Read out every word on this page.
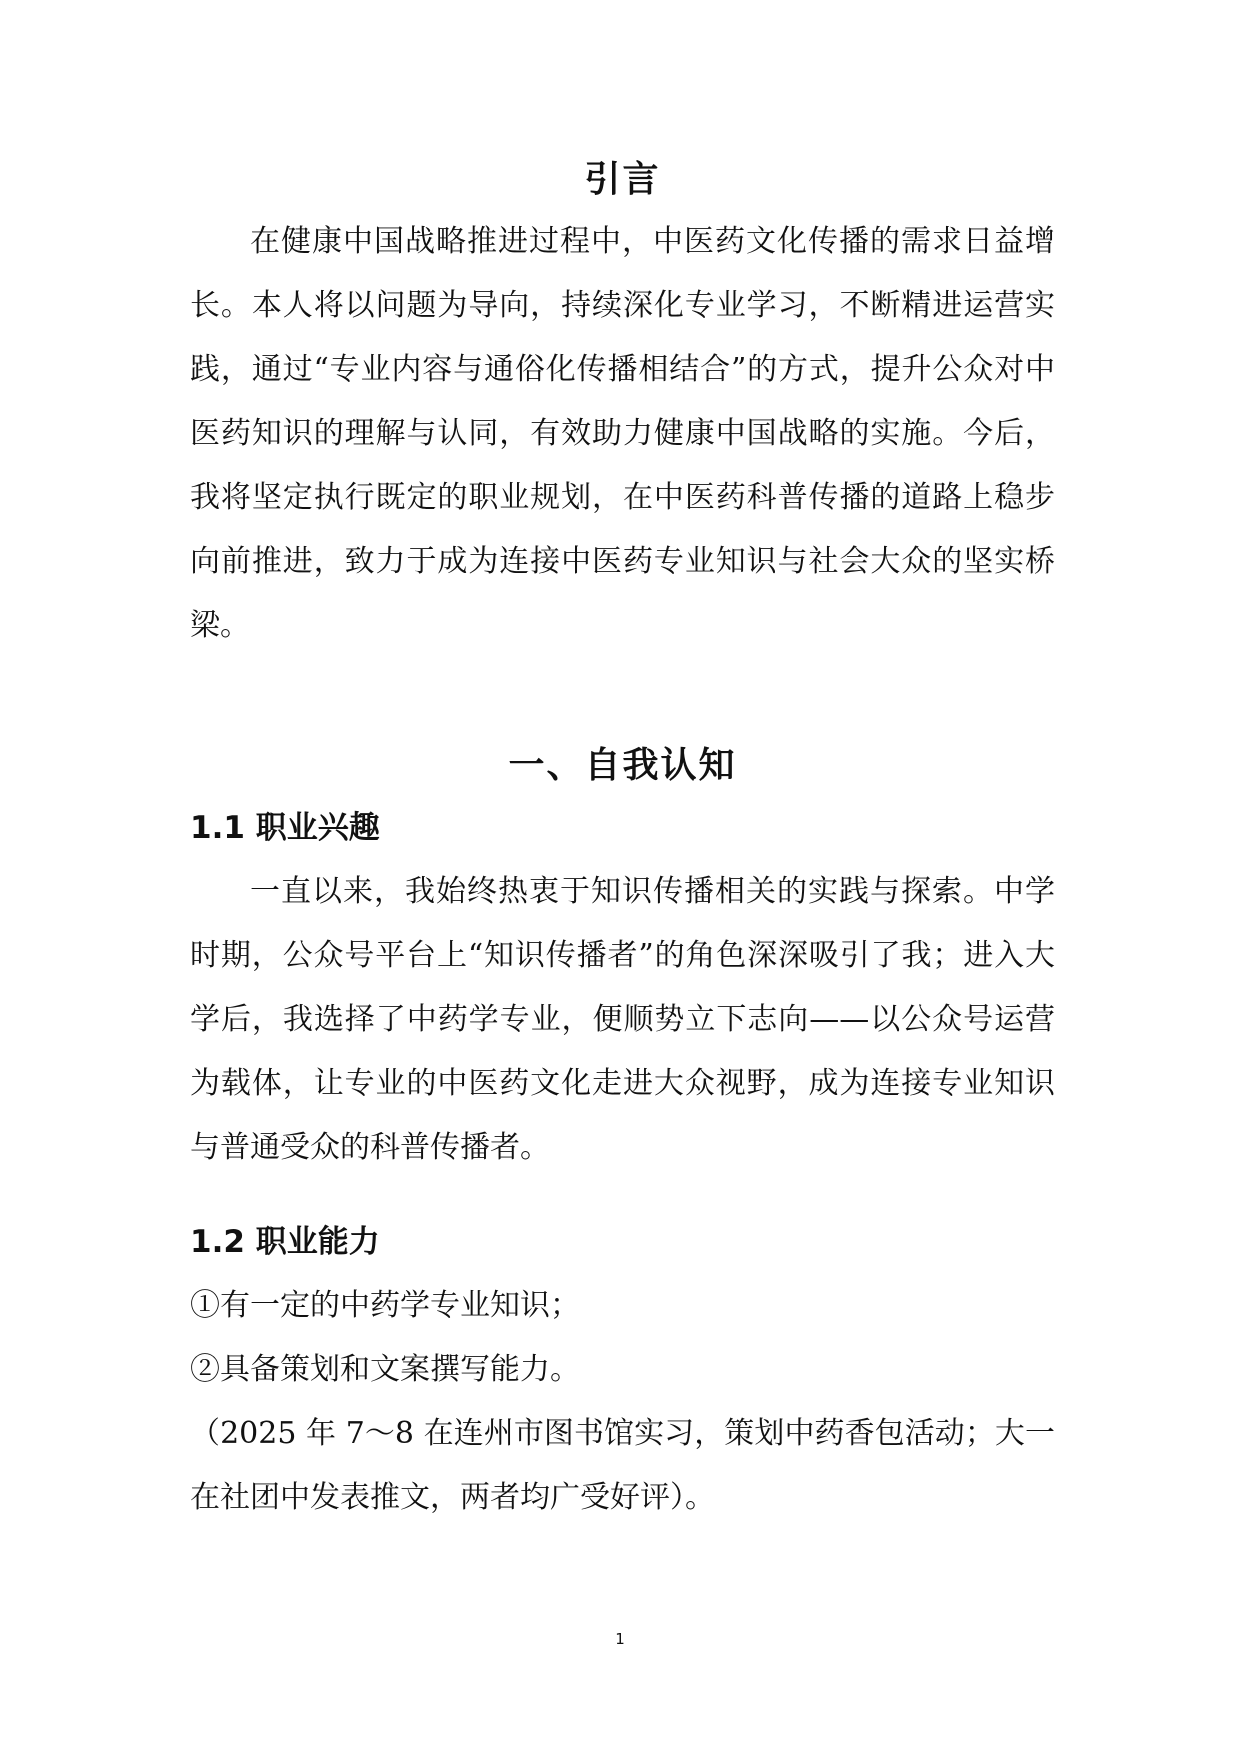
引言

在健康中国战略推进过程中，中医药文化传播的需求日益增长。本人将以问题为导向，持续深化专业学习，不断精进运营实践，通过“专业内容与通俗化传播相结合”的方式，提升公众对中医药知识的理解与认同，有效助力健康中国战略的实施。今后，我将坚定执行既定的职业规划，在中医药科普传播的道路上稳步向前推进，致力于成为连接中医药专业知识与社会大众的坚实桥梁。

一、自我认知
1.1 职业兴趣

一直以来，我始终热衷于知识传播相关的实践与探索。中学时期，公众号平台上“知识传播者”的角色深深吸引了我；进入大学后，我选择了中药学专业，便顺势立下志向——以公众号运营为载体，让专业的中医药文化走进大众视野，成为连接专业知识与普通受众的科普传播者。

1.2 职业能力

①有一定的中药学专业知识；

②具备策划和文案撰写能力。

（2025 年 7～8 在连州市图书馆实习，策划中药香包活动；大一在社团中发表推文，两者均广受好评）。

1
